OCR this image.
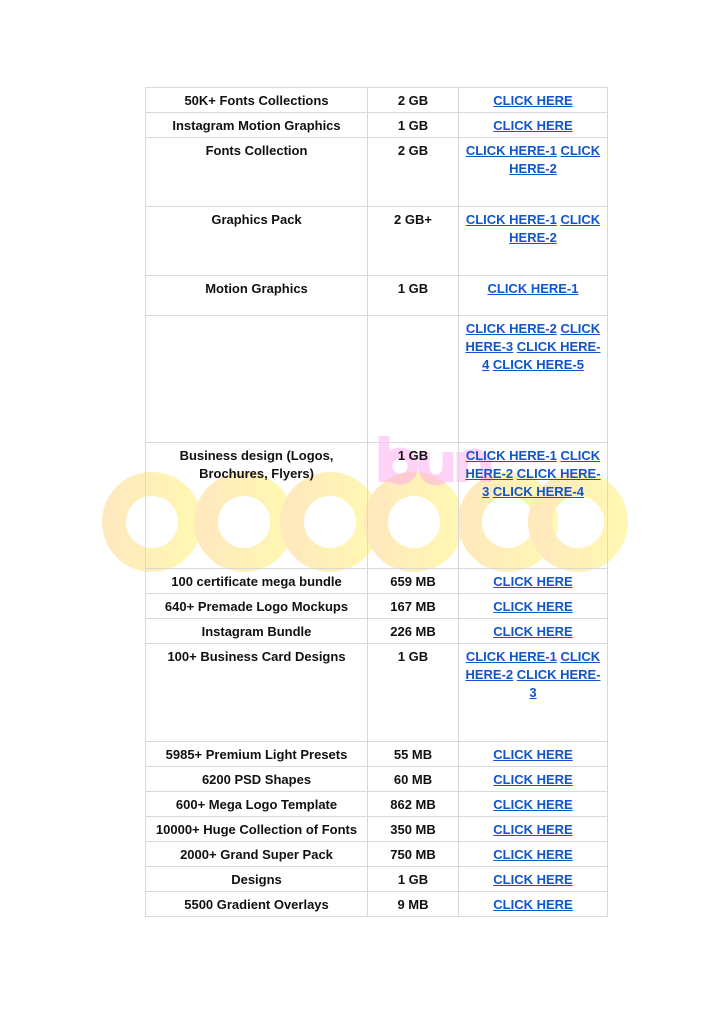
50K+ Fonts Collections	2 GB	CLICK HERE
Instagram Motion Graphics	1 GB	CLICK HERE
Fonts Collection	2 GB	CLICK HERE-1 CLICK HERE-2
Graphics Pack	2 GB+	CLICK HERE-1 CLICK HERE-2
Motion Graphics	1 GB	CLICK HERE-1
		CLICK HERE-2 CLICK HERE-3 CLICK HERE-4 CLICK HERE-5
Business design (Logos, Brochures, Flyers)	1 GB	CLICK HERE-1 CLICK HERE-2 CLICK HERE-3 CLICK HERE-4
100 certificate mega bundle	659 MB	CLICK HERE
640+ Premade Logo Mockups	167 MB	CLICK HERE
Instagram Bundle	226 MB	CLICK HERE
100+ Business Card Designs	1 GB	CLICK HERE-1 CLICK HERE-2 CLICK HERE-3
5985+ Premium Light Presets	55 MB	CLICK HERE
6200 PSD Shapes	60 MB	CLICK HERE
600+ Mega Logo Template	862 MB	CLICK HERE
10000+ Huge Collection of Fonts	350 MB	CLICK HERE
2000+ Grand Super Pack	750 MB	CLICK HERE
Designs	1 GB	CLICK HERE
5500 Gradient Overlays	9 MB	CLICK HERE
